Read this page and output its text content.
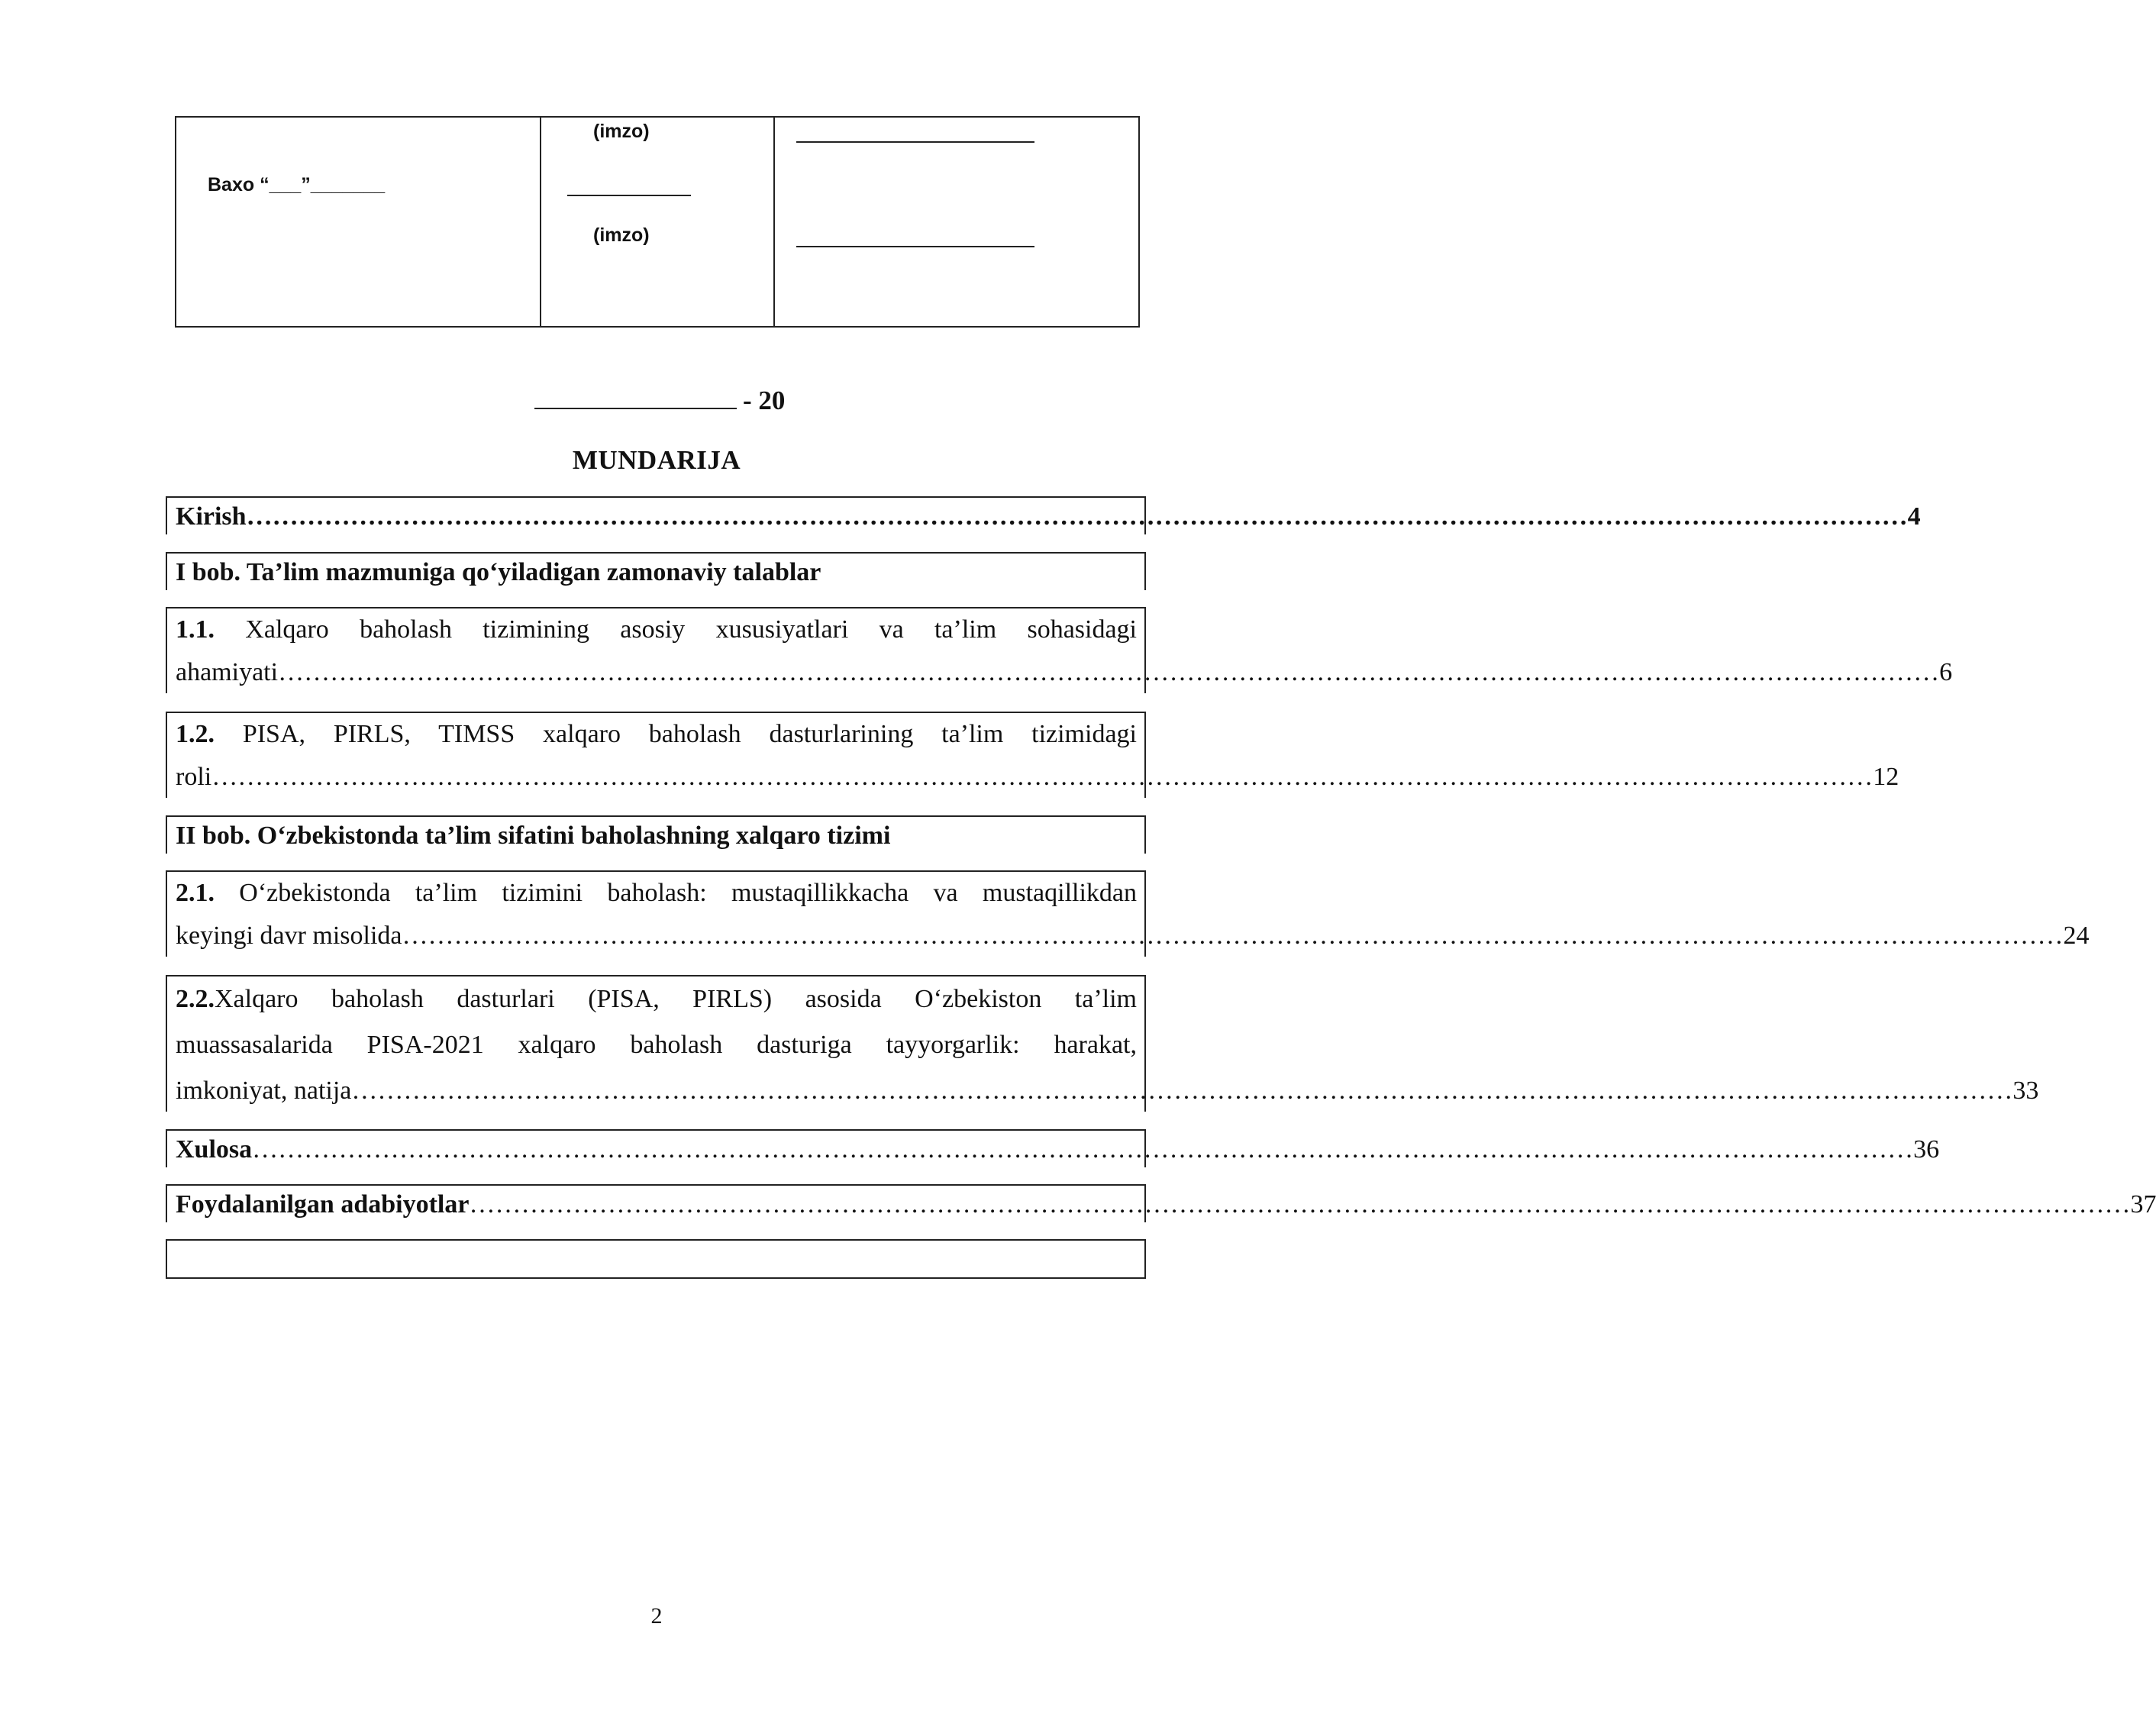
Baxo “___”_______

(imzo)
(imzo)

- 20
MUNDARIJA
Kirish ………………………………………………………………………………………………………………………………………………………………………… 4
I bob. Ta’lim mazmuniga qo‘yiladigan zamonaviy talablar
1.1. Xalqaro baholash tizimining asosiy xususiyatlari va ta’lim sohasidagi
ahamiyati ………………………………………………………………………………………………………………………………………………………………………… 6
1.2. PISA, PIRLS, TIMSS xalqaro baholash dasturlarining ta’lim tizimidagi
roli ………………………………………………………………………………………………………………………………………………………………………… 12
II bob. O‘zbekistonda ta’lim sifatini baholashning xalqaro tizimi
2.1. O‘zbekistonda ta’lim tizimini baholash: mustaqillikkacha va mustaqillikdan
keyingi davr misolida ………………………………………………………………………………………………………………………………………………………………………… 24
2.2.Xalqaro baholash dasturlari (PISA, PIRLS) asosida O‘zbekiston ta’lim
muassasalarida PISA-2021 xalqaro baholash dasturiga tayyorgarlik: harakat,
imkoniyat, natija ………………………………………………………………………………………………………………………………………………………………………… 33
Xulosa ………………………………………………………………………………………………………………………………………………………………………… 36
Foydalanilgan adabiyotlar ………………………………………………………………………………………………………………………………………………………………………… 37
2
